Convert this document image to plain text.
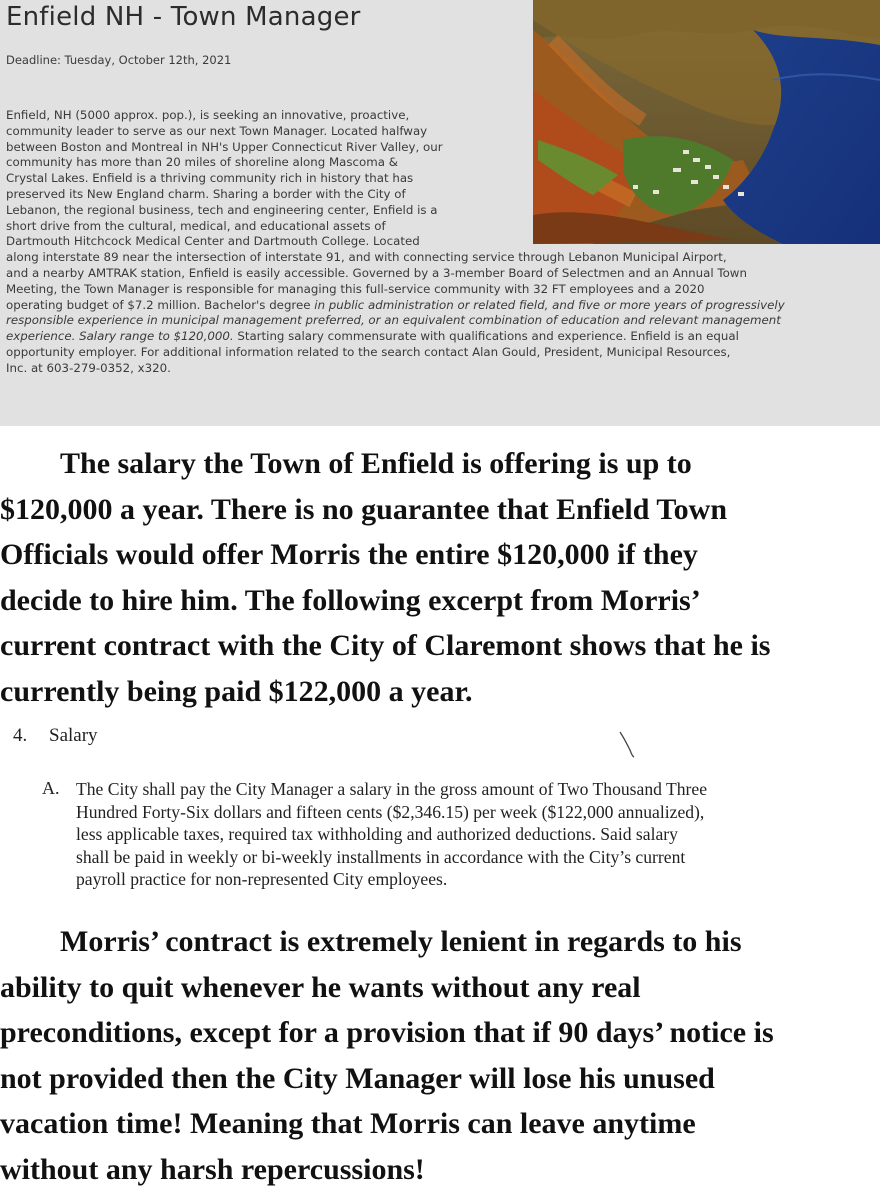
Enfield NH - Town Manager
Deadline: Tuesday, October 12th, 2021
Enfield, NH (5000 approx. pop.), is seeking an innovative, proactive,
community leader to serve as our next Town Manager. Located halfway
between Boston and Montreal in NH's Upper Connecticut River Valley, our
community has more than 20 miles of shoreline along Mascoma &
Crystal Lakes. Enfield is a thriving community rich in history that has
preserved its New England charm. Sharing a border with the City of
Lebanon, the regional business, tech and engineering center, Enfield is a
short drive from the cultural, medical, and educational assets of
Dartmouth Hitchcock Medical Center and Dartmouth College. Located
along interstate 89 near the intersection of interstate 91, and with connecting service through Lebanon Municipal Airport,
and a nearby AMTRAK station, Enfield is easily accessible. Governed by a 3-member Board of Selectmen and an Annual Town
Meeting, the Town Manager is responsible for managing this full-service community with 32 FT employees and a 2020
operating budget of $7.2 million. Bachelor's degree in public administration or related field, and five or more years of progressively
responsible experience in municipal management preferred, or an equivalent combination of education and relevant management
experience. Salary range to $120,000. Starting salary commensurate with qualifications and experience. Enfield is an equal
opportunity employer. For additional information related to the search contact Alan Gould, President, Municipal Resources,
Inc. at 603-279-0352, x320.
  The salary the Town of Enfield is offering is up to
$120,000 a year. There is no guarantee that Enfield Town
Officials would offer Morris the entire $120,000 if they
decide to hire him. The following excerpt from Morris’
current contract with the City of Claremont shows that he is
currently being paid $122,000 a year.
4. Salary
A. The City shall pay the City Manager a salary in the gross amount of Two Thousand Three
Hundred Forty-Six dollars and fifteen cents ($2,346.15) per week ($122,000 annualized),
less applicable taxes, required tax withholding and authorized deductions. Said salary
shall be paid in weekly or bi-weekly installments in accordance with the City’s current
payroll practice for non-represented City employees.
  Morris’ contract is extremely lenient in regards to his
ability to quit whenever he wants without any real
preconditions, except for a provision that if 90 days’ notice is
not provided then the City Manager will lose his unused
vacation time! Meaning that Morris can leave anytime
without any harsh repercussions!
